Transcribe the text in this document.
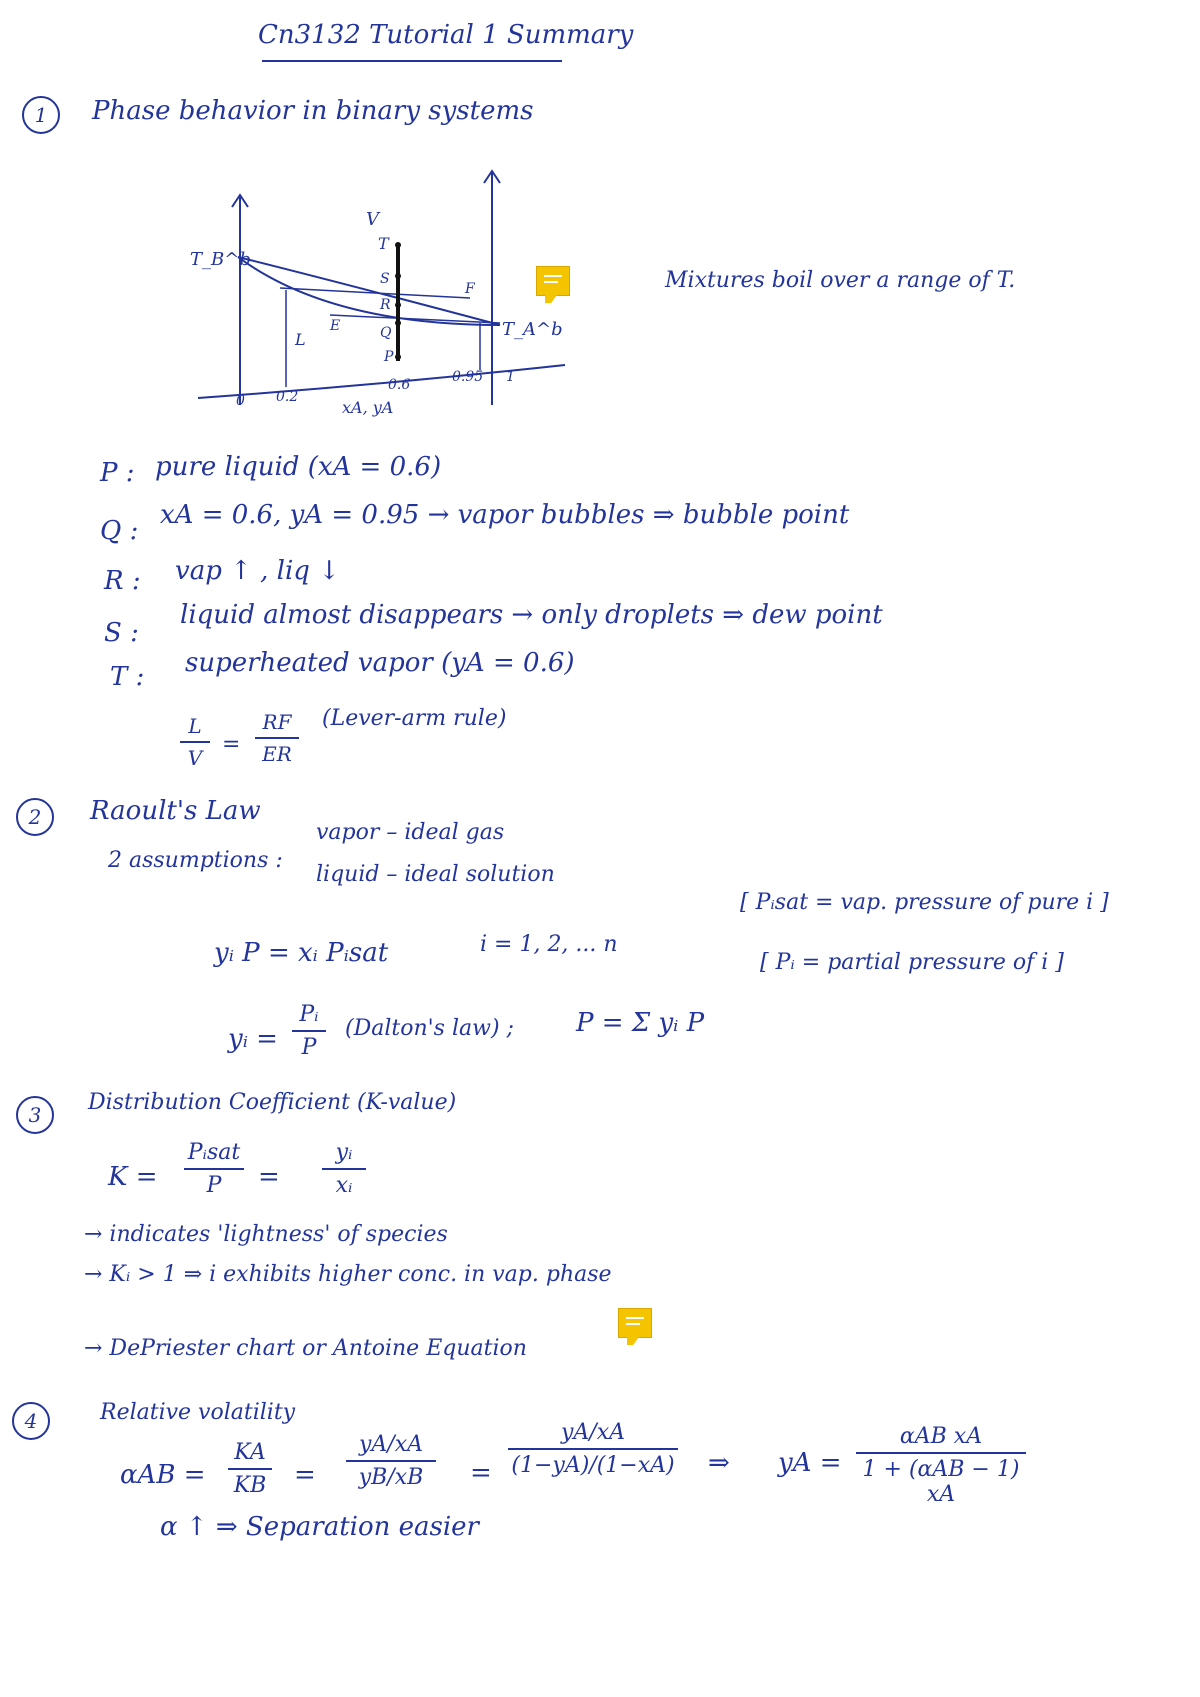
Cn3132 Tutorial 1 Summary
1	Phase behavior in binary systems
T_B^b
T_A^b
V
L
E
F
T
S
R
Q
P
0 0.2
0.6	0.95 1
xA, yA
Mixtures boil over a range of T.
P : pure liquid (xA = 0.6)
Q :
xA = 0.6, yA = 0.95 → vapor bubbles ⇒ bubble point
R : vap ↑ , liq ↓
S :
liquid almost disappears → only droplets ⇒ dew point
T : superheated vapor (yA = 0.6)
L
V
=
RF
ER
(Lever-arm rule)
2	Raoult's Law
2 assumptions :
vapor – ideal gas
liquid – ideal solution
[ Pᵢsat = vap. pressure of pure i ]
yᵢ P = xᵢ Pᵢsat	i = 1, 2, ... n
[ Pᵢ = partial pressure of i ]
yᵢ =
Pᵢ
P
(Dalton's law) ; P = Σ yᵢ P
3	Distribution Coefficient (K-value)
K =
Pᵢsat
P	=
yᵢ
xᵢ
→ indicates 'lightness' of species
→ Kᵢ > 1 ⇒ i exhibits higher conc. in vap. phase
→ DePriester chart or Antoine Equation
4	Relative volatility
αAB =
KA
KB =
yA/xA
yB/xB	=
yA/xA
(1−yA)/(1−xA) ⇒ yA =
αAB xA
1 + (αAB − 1) xA
α ↑ ⇒ Separation easier
